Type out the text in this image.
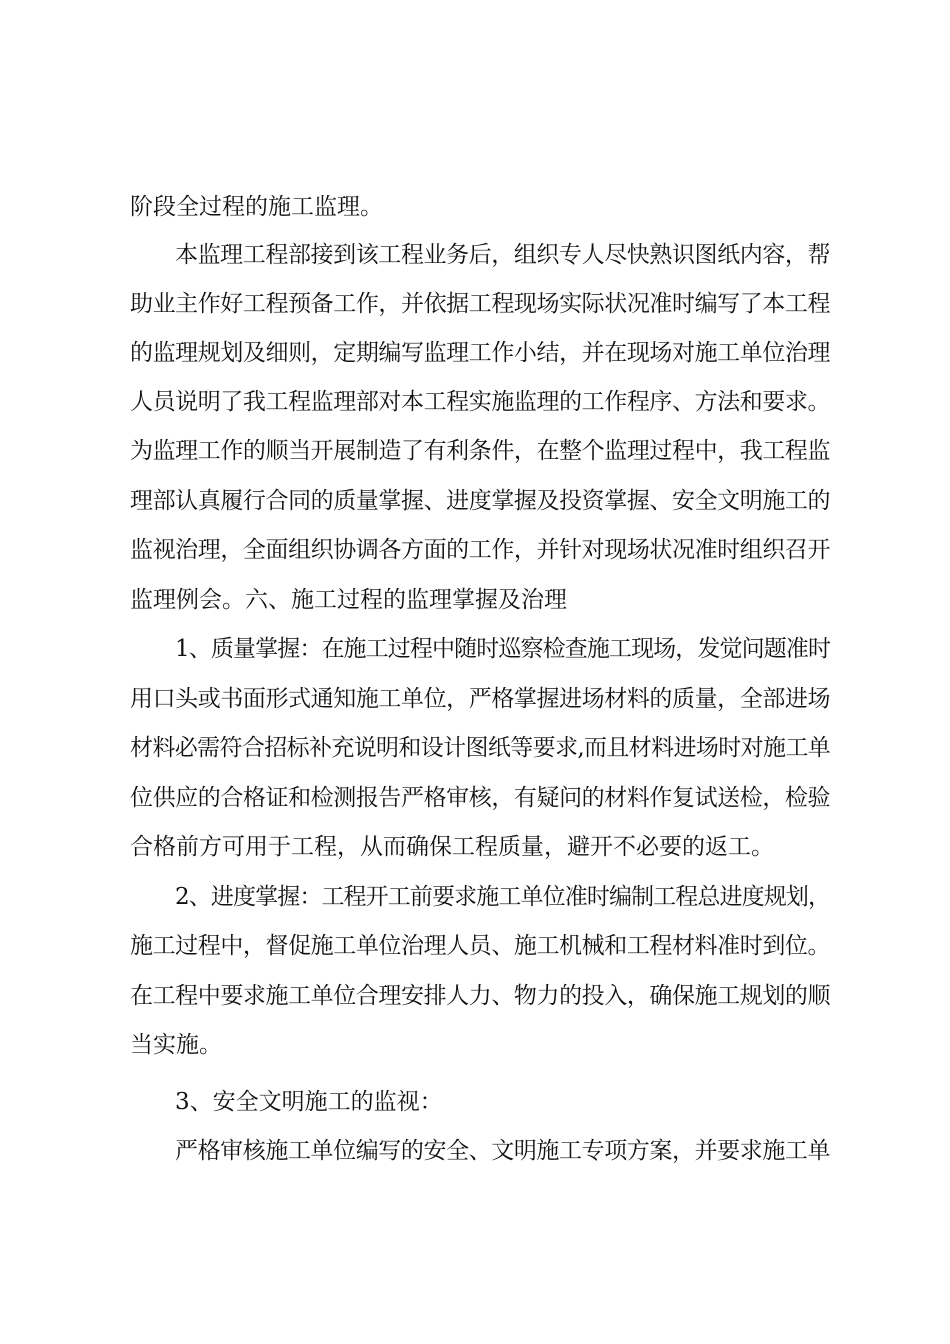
阶段全过程的施工监理。
本监理工程部接到该工程业务后，组织专人尽快熟识图纸内容，帮
助业主作好工程预备工作，并依据工程现场实际状况准时编写了本工程
的监理规划及细则，定期编写监理工作小结，并在现场对施工单位治理
人员说明了我工程监理部对本工程实施监理的工作程序、方法和要求。
为监理工作的顺当开展制造了有利条件，在整个监理过程中，我工程监
理部认真履行合同的质量掌握、进度掌握及投资掌握、安全文明施工的
监视治理，全面组织协调各方面的工作，并针对现场状况准时组织召开
监理例会。六、施工过程的监理掌握及治理
1、质量掌握：在施工过程中随时巡察检查施工现场，发觉问题准时
用口头或书面形式通知施工单位，严格掌握进场材料的质量，全部进场
材料必需符合招标补充说明和设计图纸等要求,而且材料进场时对施工单
位供应的合格证和检测报告严格审核，有疑问的材料作复试送检，检验
合格前方可用于工程，从而确保工程质量，避开不必要的返工。
2、进度掌握：工程开工前要求施工单位准时编制工程总进度规划，
施工过程中，督促施工单位治理人员、施工机械和工程材料准时到位。
在工程中要求施工单位合理安排人力、物力的投入，确保施工规划的顺
当实施。
3、安全文明施工的监视：
严格审核施工单位编写的安全、文明施工专项方案，并要求施工单
